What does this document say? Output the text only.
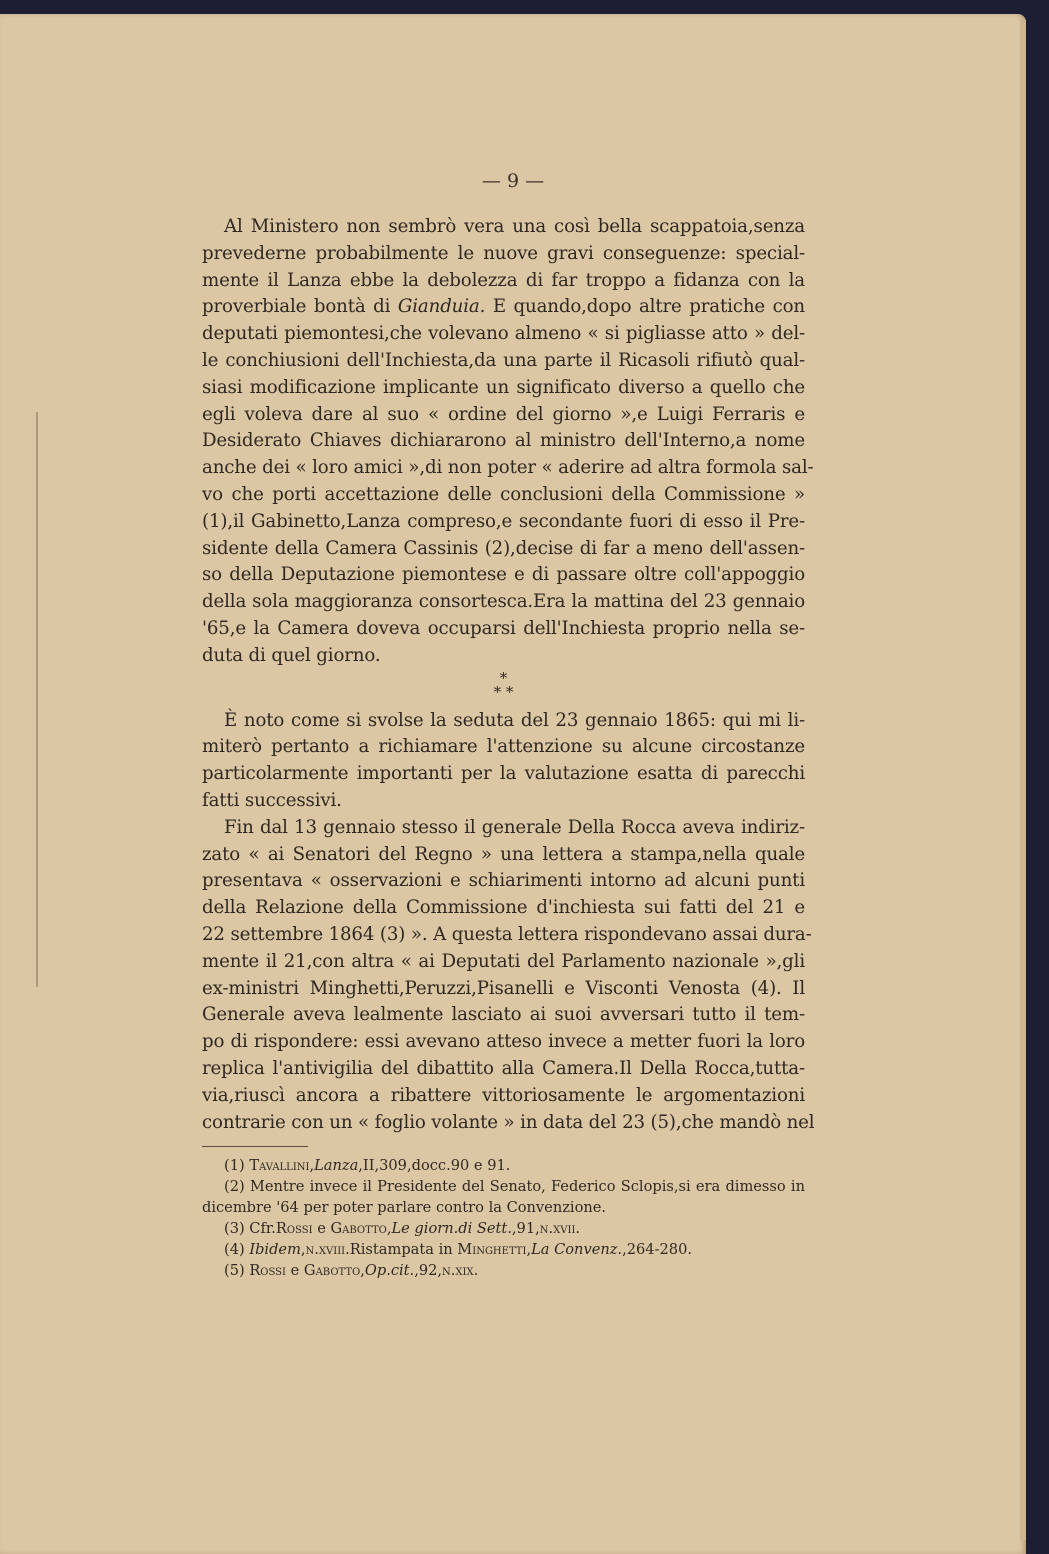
— 9 —
Al Ministero non sembrò vera una così bella scappatoia,senza
prevederne probabilmente le nuove gravi conseguenze: special-
mente il Lanza ebbe la debolezza di far troppo a fidanza con la
proverbiale bontà di Gianduia. E quando,dopo altre pratiche con
deputati piemontesi,che volevano almeno « si pigliasse atto » del-
le conchiusioni dell'Inchiesta,da una parte il Ricasoli rifiutò qual-
siasi modificazione implicante un significato diverso a quello che
egli voleva dare al suo « ordine del giorno »,e Luigi Ferraris e
Desiderato Chiaves dichiararono al ministro dell'Interno,a nome
anche dei « loro amici »,di non poter « aderire ad altra formola sal-
vo che porti accettazione delle conclusioni della Commissione »
(1),il Gabinetto,Lanza compreso,e secondante fuori di esso il Pre-
sidente della Camera Cassinis (2),decise di far a meno dell'assen-
so della Deputazione piemontese e di passare oltre coll'appoggio
della sola maggioranza consortesca.Era la mattina del 23 gennaio
'65,e la Camera doveva occuparsi dell'Inchiesta proprio nella se-
duta di quel giorno.
*
* *
È noto come si svolse la seduta del 23 gennaio 1865: qui mi li-
miterò pertanto a richiamare l'attenzione su alcune circostanze
particolarmente importanti per la valutazione esatta di parecchi
fatti successivi.
Fin dal 13 gennaio stesso il generale Della Rocca aveva indiriz-
zato « ai Senatori del Regno » una lettera a stampa,nella quale
presentava « osservazioni e schiarimenti intorno ad alcuni punti
della Relazione della Commissione d'inchiesta sui fatti del 21 e
22 settembre 1864 (3) ». A questa lettera rispondevano assai dura-
mente il 21,con altra « ai Deputati del Parlamento nazionale »,gli
ex-ministri Minghetti,Peruzzi,Pisanelli e Visconti Venosta (4). Il
Generale aveva lealmente lasciato ai suoi avversari tutto il tem-
po di rispondere: essi avevano atteso invece a metter fuori la loro
replica l'antivigilia del dibattito alla Camera.Il Della Rocca,tutta-
via,riuscì ancora a ribattere vittoriosamente le argomentazioni
contrarie con un « foglio volante » in data del 23 (5),che mandò nel
(1) Tavallini,Lanza,II,309,docc.90 e 91.
(2) Mentre invece il Presidente del Senato, Federico Sclopis,si era dimesso in
dicembre '64 per poter parlare contro la Convenzione.
(3) Cfr.Rossi e Gabotto,Le giorn.di Sett.,91,n.xvii.
(4) Ibidem,n.xviii.Ristampata in Minghetti,La Convenz.,264-280.
(5) Rossi e Gabotto,Op.cit.,92,n.xix.
